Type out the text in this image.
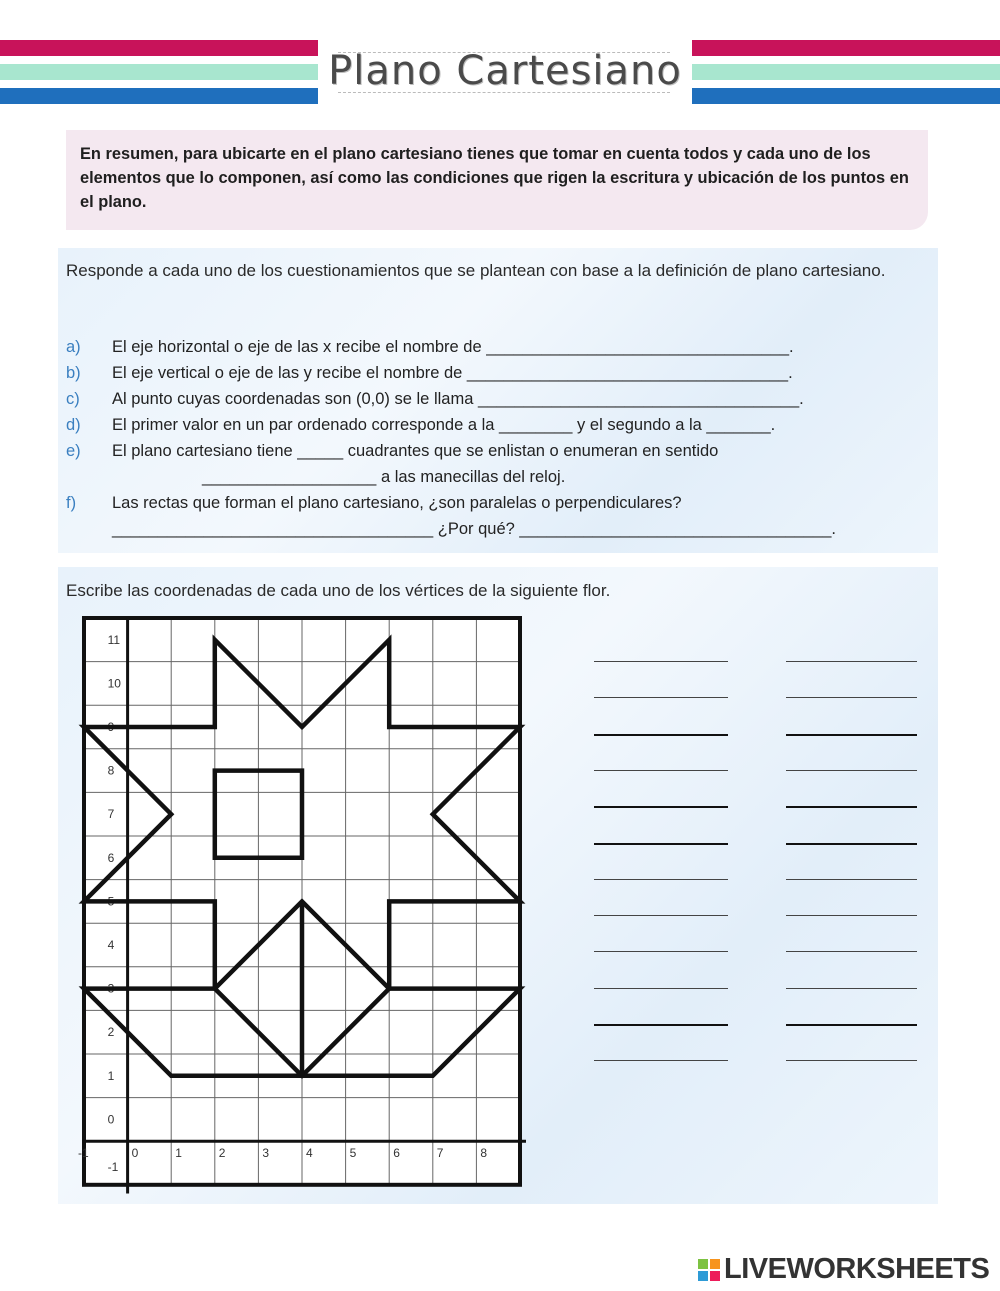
Plano Cartesiano

En resumen, para ubicarte en el plano cartesiano tienes que tomar en cuenta todos y cada uno de los elementos que lo componen, así como las condiciones que rigen la escritura y ubicación de los puntos en el plano.

Responde a cada uno de los cuestionamientos que se plantean con base a la definición de plano cartesiano.
a) El eje horizontal o eje de las x recibe el nombre de _________________________________.
b) El eje vertical o eje de las y recibe el nombre de ___________________________________.
c) Al punto cuyas coordenadas son (0,0) se le llama ___________________________________.
d) El primer valor en un par ordenado corresponde a la ________ y el segundo a la _______.
e) El plano cartesiano tiene _____ cuadrantes que se enlistan o enumeran en sentido
___________________ a las manecillas del reloj.
f) Las rectas que forman el plano cartesiano, ¿son paralelas o perpendiculares?
___________________________________ ¿Por qué? __________________________________.
Escribe las coordenadas de cada uno de los vértices de la siguiente flor.
-1	0	1	2	3	4	5	6	7	8
-1
0
1
2
3
4
5
6
7
8
9
10
11
LIVEWORKSHEETS
